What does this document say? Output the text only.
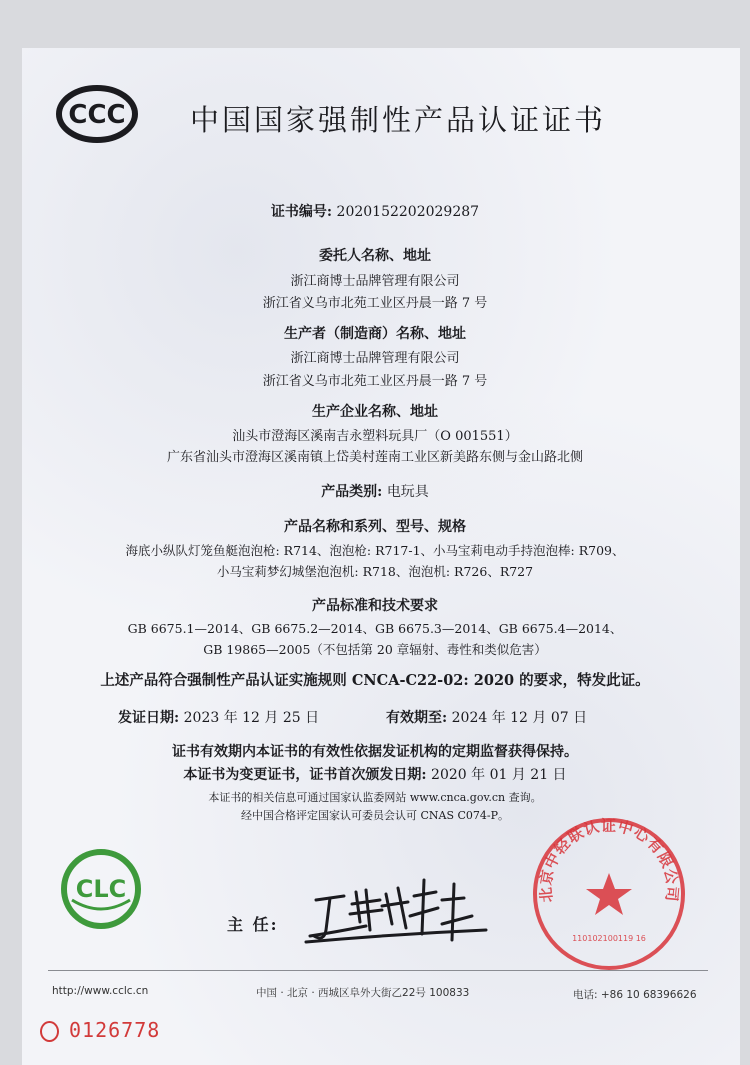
CCC 中国国家强制性产品认证证书
证书编号: 2020152202029287
委托人名称、地址
浙江商博士品牌管理有限公司
浙江省义乌市北苑工业区丹晨一路 7 号
生产者（制造商）名称、地址
浙江商博士品牌管理有限公司
浙江省义乌市北苑工业区丹晨一路 7 号
生产企业名称、地址
汕头市澄海区溪南吉永塑料玩具厂（O 001551）
广东省汕头市澄海区溪南镇上岱美村莲南工业区新美路东侧与金山路北侧
产品类别: 电玩具
产品名称和系列、型号、规格
海底小纵队灯笼鱼艇泡泡枪: R714、泡泡枪: R717-1、小马宝莉电动手持泡泡棒: R709、
小马宝莉梦幻城堡泡泡机: R718、泡泡机: R726、R727
产品标准和技术要求
GB 6675.1—2014、GB 6675.2—2014、GB 6675.3—2014、GB 6675.4—2014、
GB 19865—2005（不包括第 20 章辐射、毒性和类似危害）
上述产品符合强制性产品认证实施规则 CNCA-C22-02: 2020 的要求，特发此证。
发证日期: 2023 年 12 月 25 日	有效期至: 2024 年 12 月 07 日
证书有效期内本证书的有效性依据发证机构的定期监督获得保持。
本证书为变更证书，证书首次颁发日期: 2020 年 01 月 21 日
本证书的相关信息可通过国家认监委网站 www.cnca.gov.cn 查询。
经中国合格评定国家认可委员会认可 CNAS C074-P。
CLC
主 任:
北京中轻联认证中心有限公司
110102100119 16
http://www.cclc.cn	中国 · 北京 · 西城区阜外大街乙22号 100833	电话: +86 10 68396626
0126778
